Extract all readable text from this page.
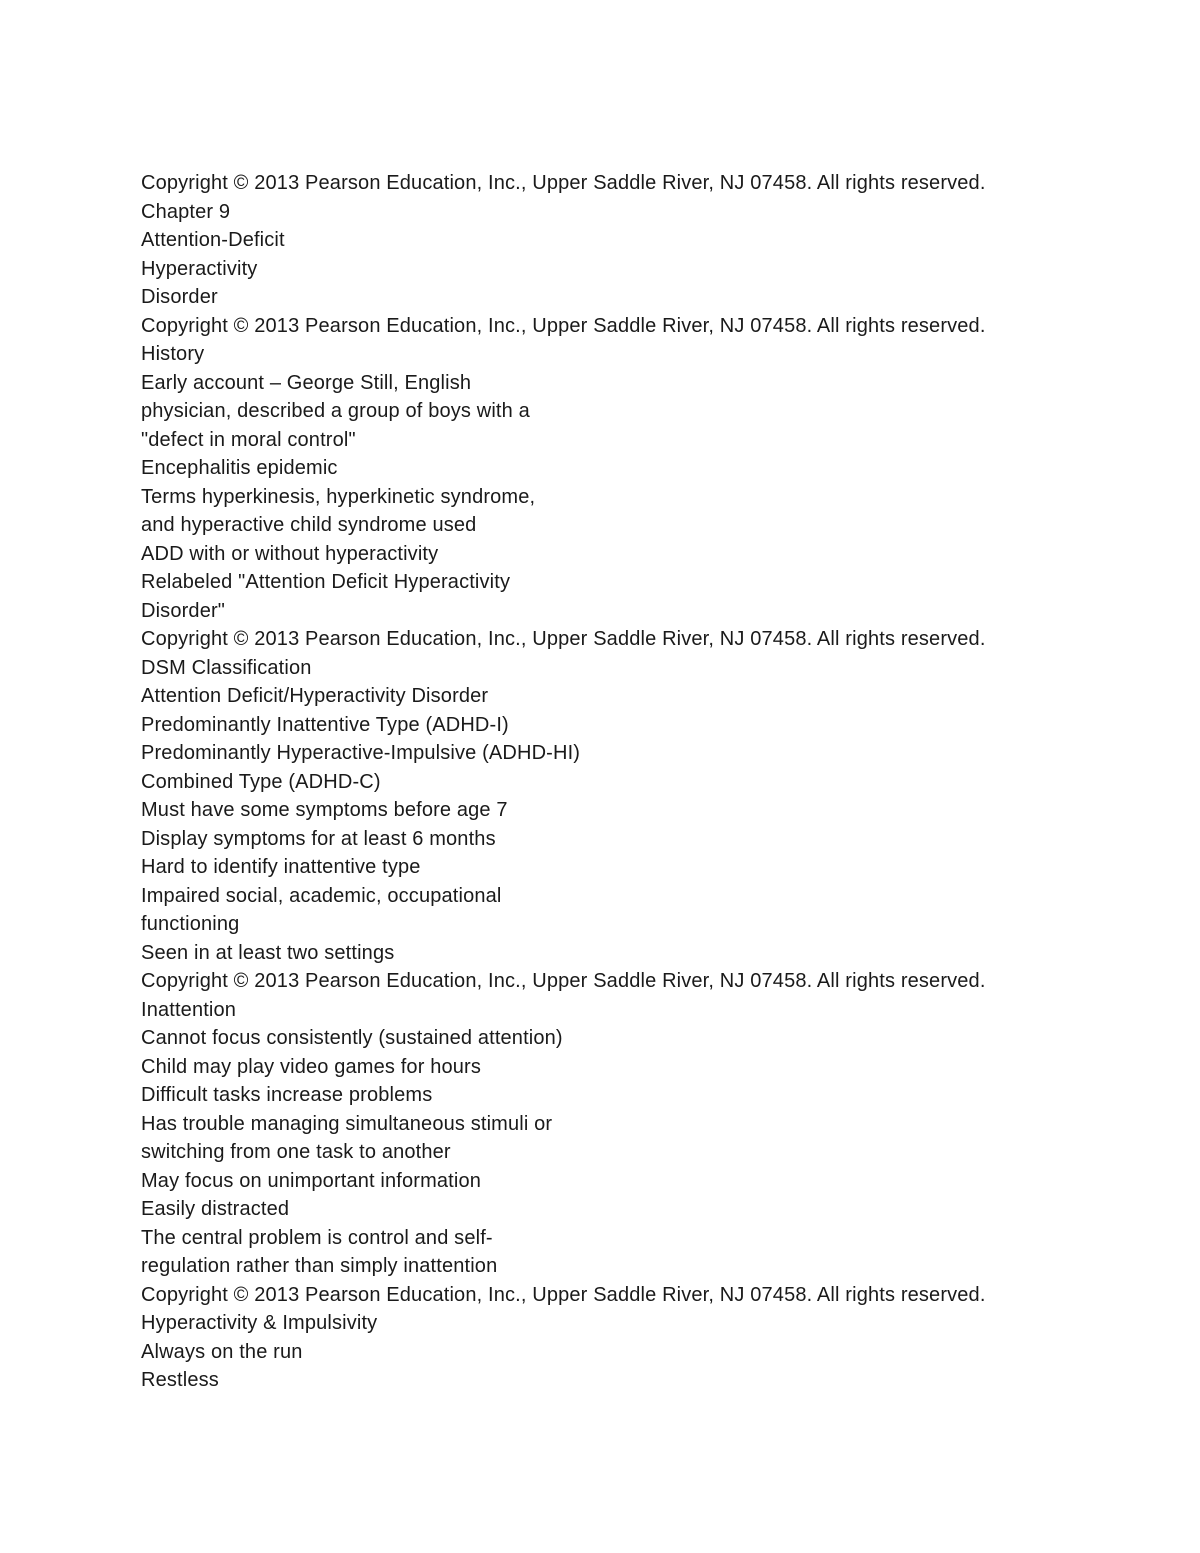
Copyright © 2013 Pearson Education, Inc., Upper Saddle River, NJ 07458. All rights reserved.
Chapter 9
Attention-Deficit
Hyperactivity
Disorder
Copyright © 2013 Pearson Education, Inc., Upper Saddle River, NJ 07458. All rights reserved.
History
Early account – George Still, English
physician, described a group of boys with a
"defect in moral control"
Encephalitis epidemic
Terms hyperkinesis, hyperkinetic syndrome,
and hyperactive child syndrome used
ADD with or without hyperactivity
Relabeled "Attention Deficit Hyperactivity
Disorder"
Copyright © 2013 Pearson Education, Inc., Upper Saddle River, NJ 07458. All rights reserved.
DSM Classification
Attention Deficit/Hyperactivity Disorder
Predominantly Inattentive Type (ADHD-I)
Predominantly Hyperactive-Impulsive (ADHD-HI)
Combined Type (ADHD-C)
Must have some symptoms before age 7
Display symptoms for at least 6 months
Hard to identify inattentive type
Impaired social, academic, occupational
functioning
Seen in at least two settings
Copyright © 2013 Pearson Education, Inc., Upper Saddle River, NJ 07458. All rights reserved.
Inattention
Cannot focus consistently (sustained attention)
Child may play video games for hours
Difficult tasks increase problems
Has trouble managing simultaneous stimuli or
switching from one task to another
May focus on unimportant information
Easily distracted
The central problem is control and self-
regulation rather than simply inattention
Copyright © 2013 Pearson Education, Inc., Upper Saddle River, NJ 07458. All rights reserved.
Hyperactivity & Impulsivity
Always on the run
Restless
